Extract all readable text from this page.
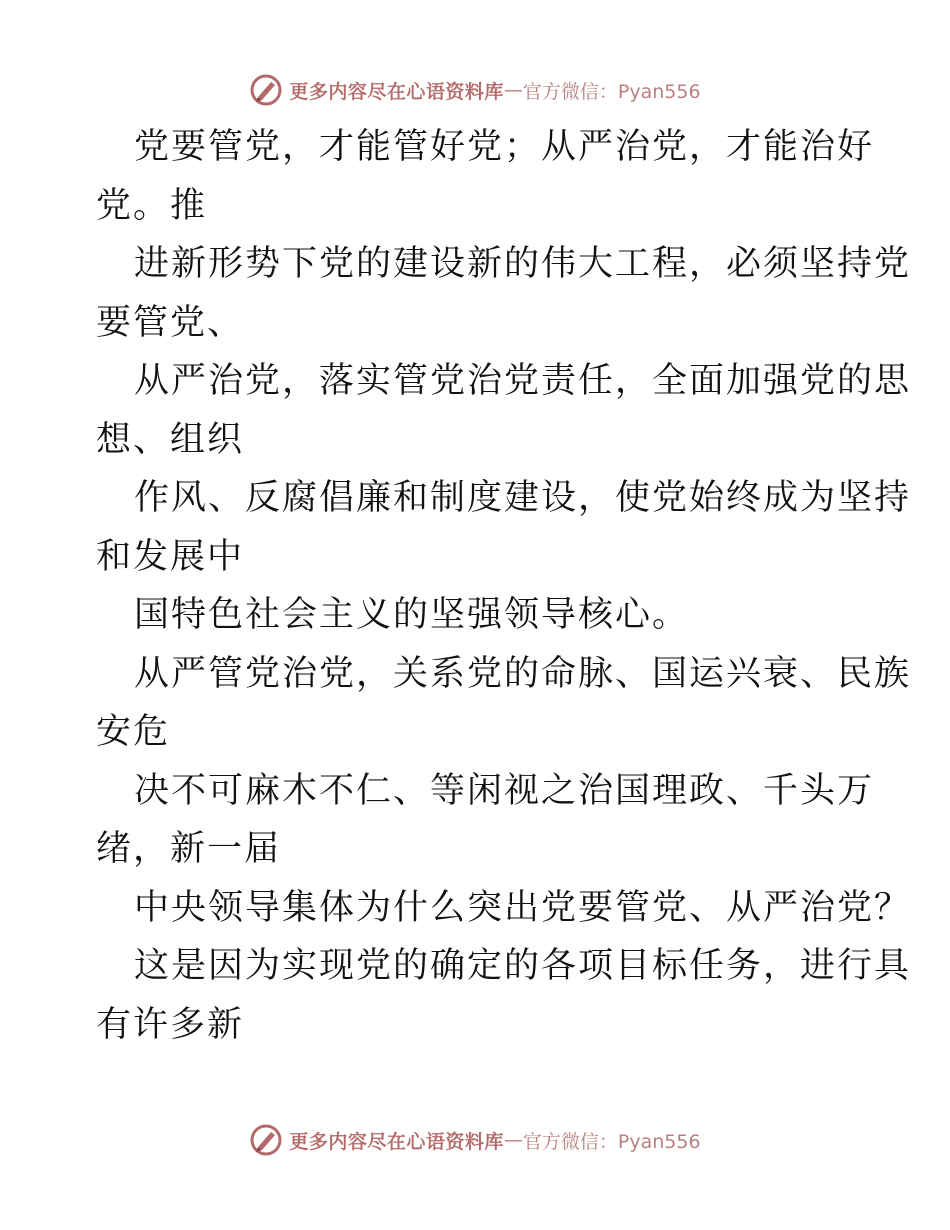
更多内容尽在心语资料库 — 官方微信：Pyan556
党要管党，才能管好党；从严治党，才能治好
党。推
进新形势下党的建设新的伟大工程，必须坚持党
要管党、
从严治党，落实管党治党责任，全面加强党的思
想、组织
作风、反腐倡廉和制度建设，使党始终成为坚持
和发展中
国特色社会主义的坚强领导核心。
从严管党治党，关系党的命脉、国运兴衰、民族
安危
决不可麻木不仁、等闲视之治国理政、千头万
绪，新一届
中央领导集体为什么突出党要管党、从严治党？
这是因为实现党的确定的各项目标任务，进行具
有许多新
更多内容尽在心语资料库 — 官方微信：Pyan556
